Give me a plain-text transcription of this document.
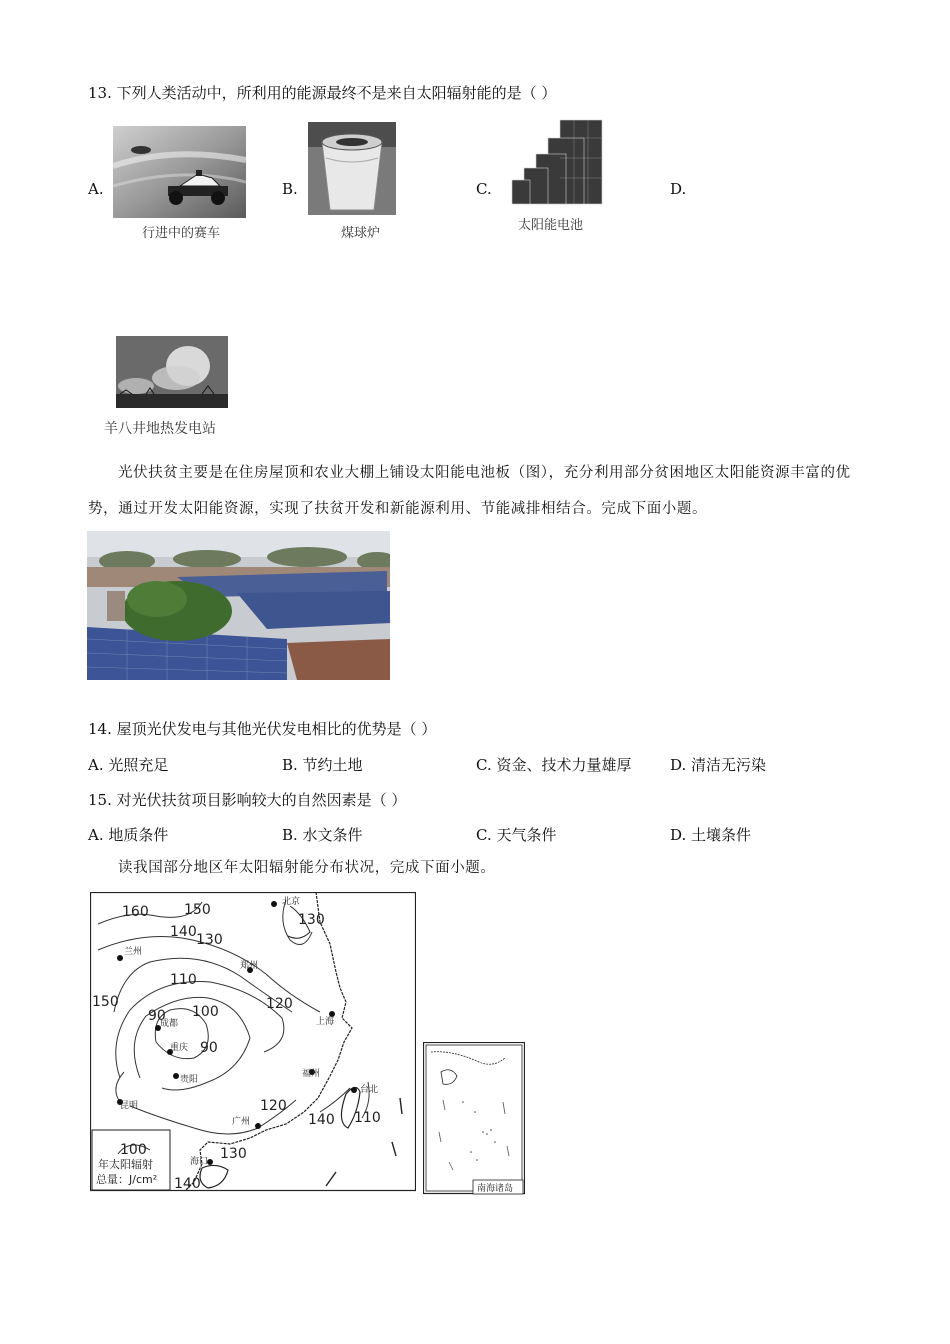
13. 下列人类活动中，所利用的能源最终不是来自太阳辐射能的是（ ）
A.
行进中的赛车
B.
煤球炉
C.
太阳能电池
D.
羊八井地热发电站
光伏扶贫主要是在住房屋顶和农业大棚上铺设太阳能电池板（图），充分利用部分贫困地区太阳能资源丰富的优势，通过开发太阳能资源，实现了扶贫开发和新能源利用、节能减排相结合。完成下面小题。
14. 屋顶光伏发电与其他光伏发电相比的优势是（ ）
A. 光照充足	B. 节约土地	C. 资金、技术力量雄厚	D. 清洁无污染
15. 对光伏扶贫项目影响较大的自然因素是（ ）
A. 地质条件	B. 水文条件	C. 天气条件	D. 土壤条件
读我国部分地区年太阳辐射能分布状况，完成下面小题。
北京
兰州
郑州
成都	上海
重庆
贵阳
福州
昆明
台北
广州
海口
160	150
140 130
130
110
120
150
90 100
90
120
140 110
130
140
100
年太阳辐射
总量：J/cm²
南海诸岛
